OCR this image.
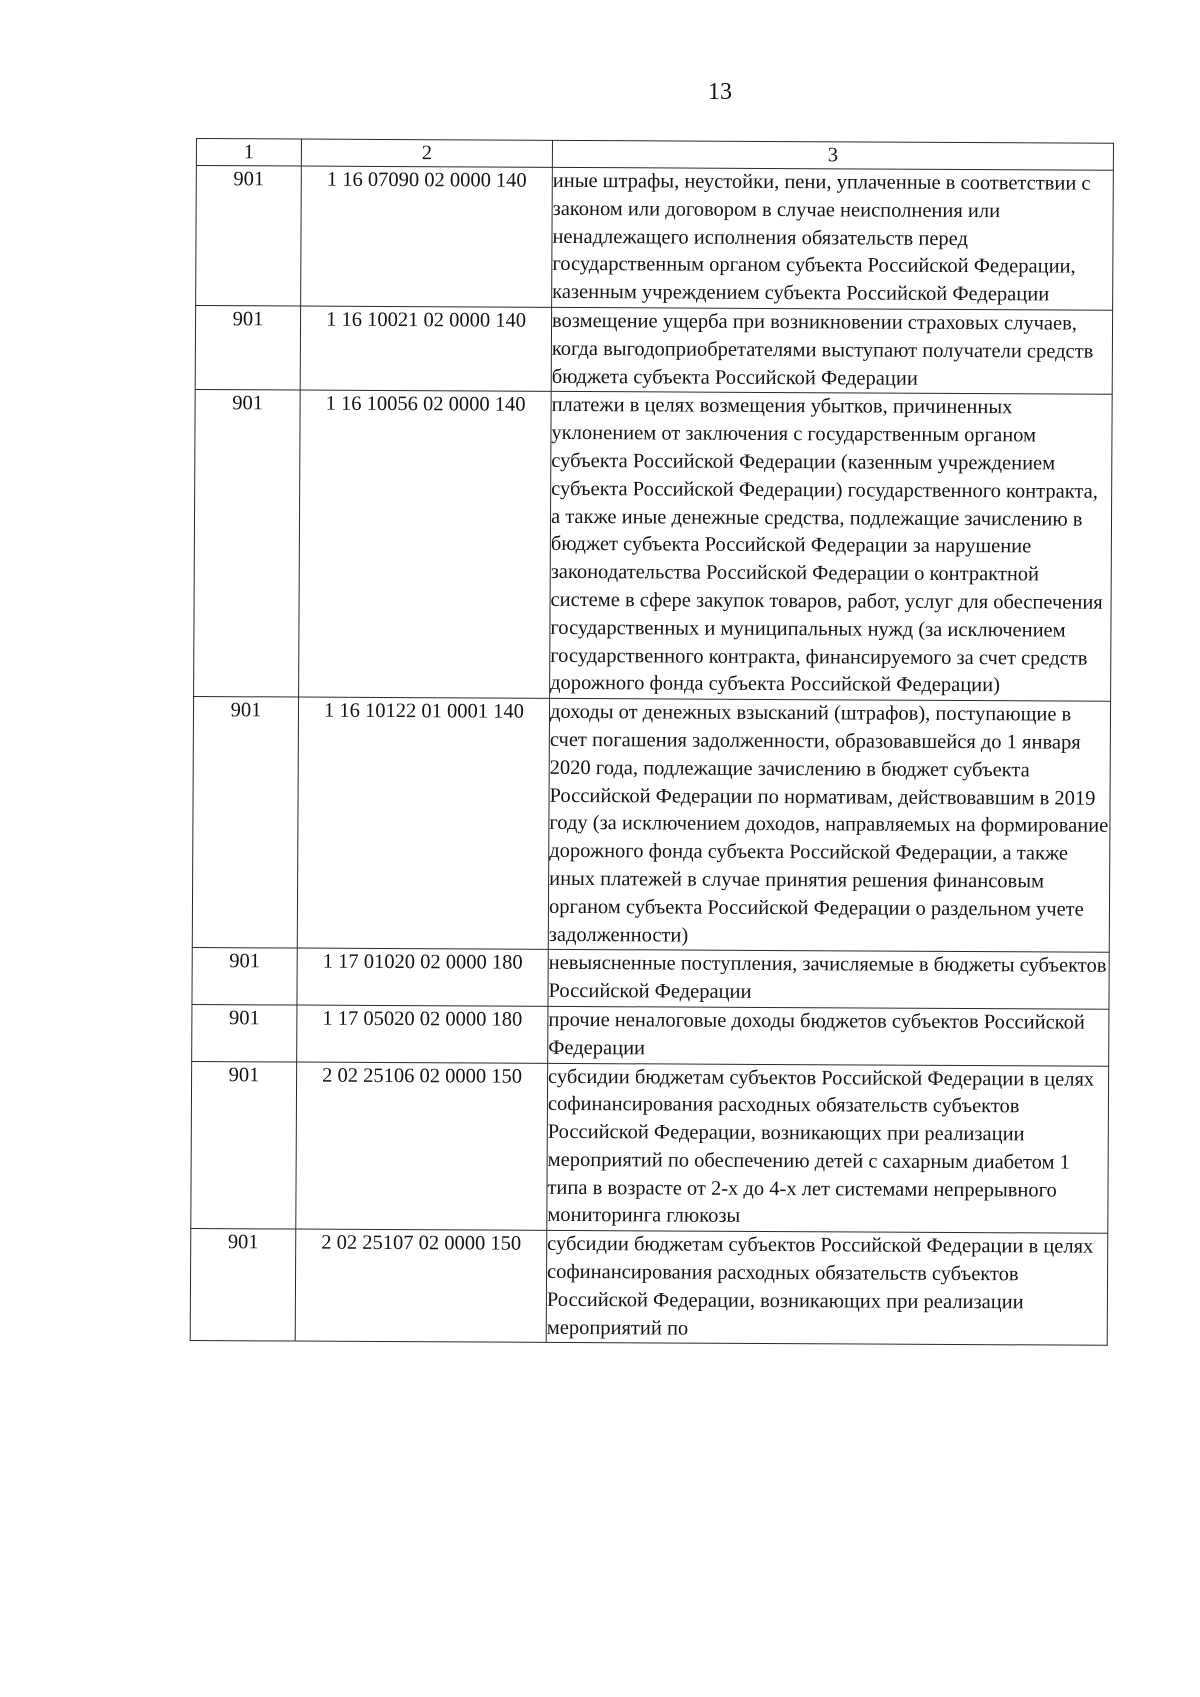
13
1	2	3
901	1 16 07090 02 0000 140	иные штрафы, неустойки, пени, уплаченные в соответствии с законом или договором в случае неисполнения или ненадлежащего исполнения обязательств перед государственным органом субъекта Российской Федерации, казенным учреждением субъекта Российской Федерации
901	1 16 10021 02 0000 140	возмещение ущерба при возникновении страховых случаев, когда выгодоприобретателями выступают получатели средств бюджета субъекта Российской Федерации
901	1 16 10056 02 0000 140	платежи в целях возмещения убытков, причиненных уклонением от заключения с государственным органом субъекта Российской Федерации (казенным учреждением субъекта Российской Федерации) государственного контракта, а также иные денежные средства, подлежащие зачислению в бюджет субъекта Российской Федерации за нарушение законодательства Российской Федерации о контрактной системе в сфере закупок товаров, работ, услуг для обеспечения государственных и муниципальных нужд (за исключением государственного контракта, финансируемого за счет средств дорожного фонда субъекта Российской Федерации)
901	1 16 10122 01 0001 140	доходы от денежных взысканий (штрафов), поступающие в счет погашения задолженности, образовавшейся до 1 января 2020 года, подлежащие зачислению в бюджет субъекта Российской Федерации по нормативам, действовавшим в 2019 году (за исключением доходов, направляемых на формирование дорожного фонда субъекта Российской Федерации, а также иных платежей в случае принятия решения финансовым органом субъекта Российской Федерации о раздельном учете задолженности)
901	1 17 01020 02 0000 180	невыясненные поступления, зачисляемые в бюджеты субъектов Российской Федерации
901	1 17 05020 02 0000 180	прочие неналоговые доходы бюджетов субъектов Российской Федерации
901	2 02 25106 02 0000 150	субсидии бюджетам субъектов Российской Федерации в целях софинансирования расходных обязательств субъектов Российской Федерации, возникающих при реализации мероприятий по обеспечению детей с сахарным диабетом 1 типа в возрасте от 2-х до 4-х лет системами непрерывного мониторинга глюкозы
901	2 02 25107 02 0000 150	субсидии бюджетам субъектов Российской Федерации в целях софинансирования расходных обязательств субъектов Российской Федерации, возникающих при реализации мероприятий по
